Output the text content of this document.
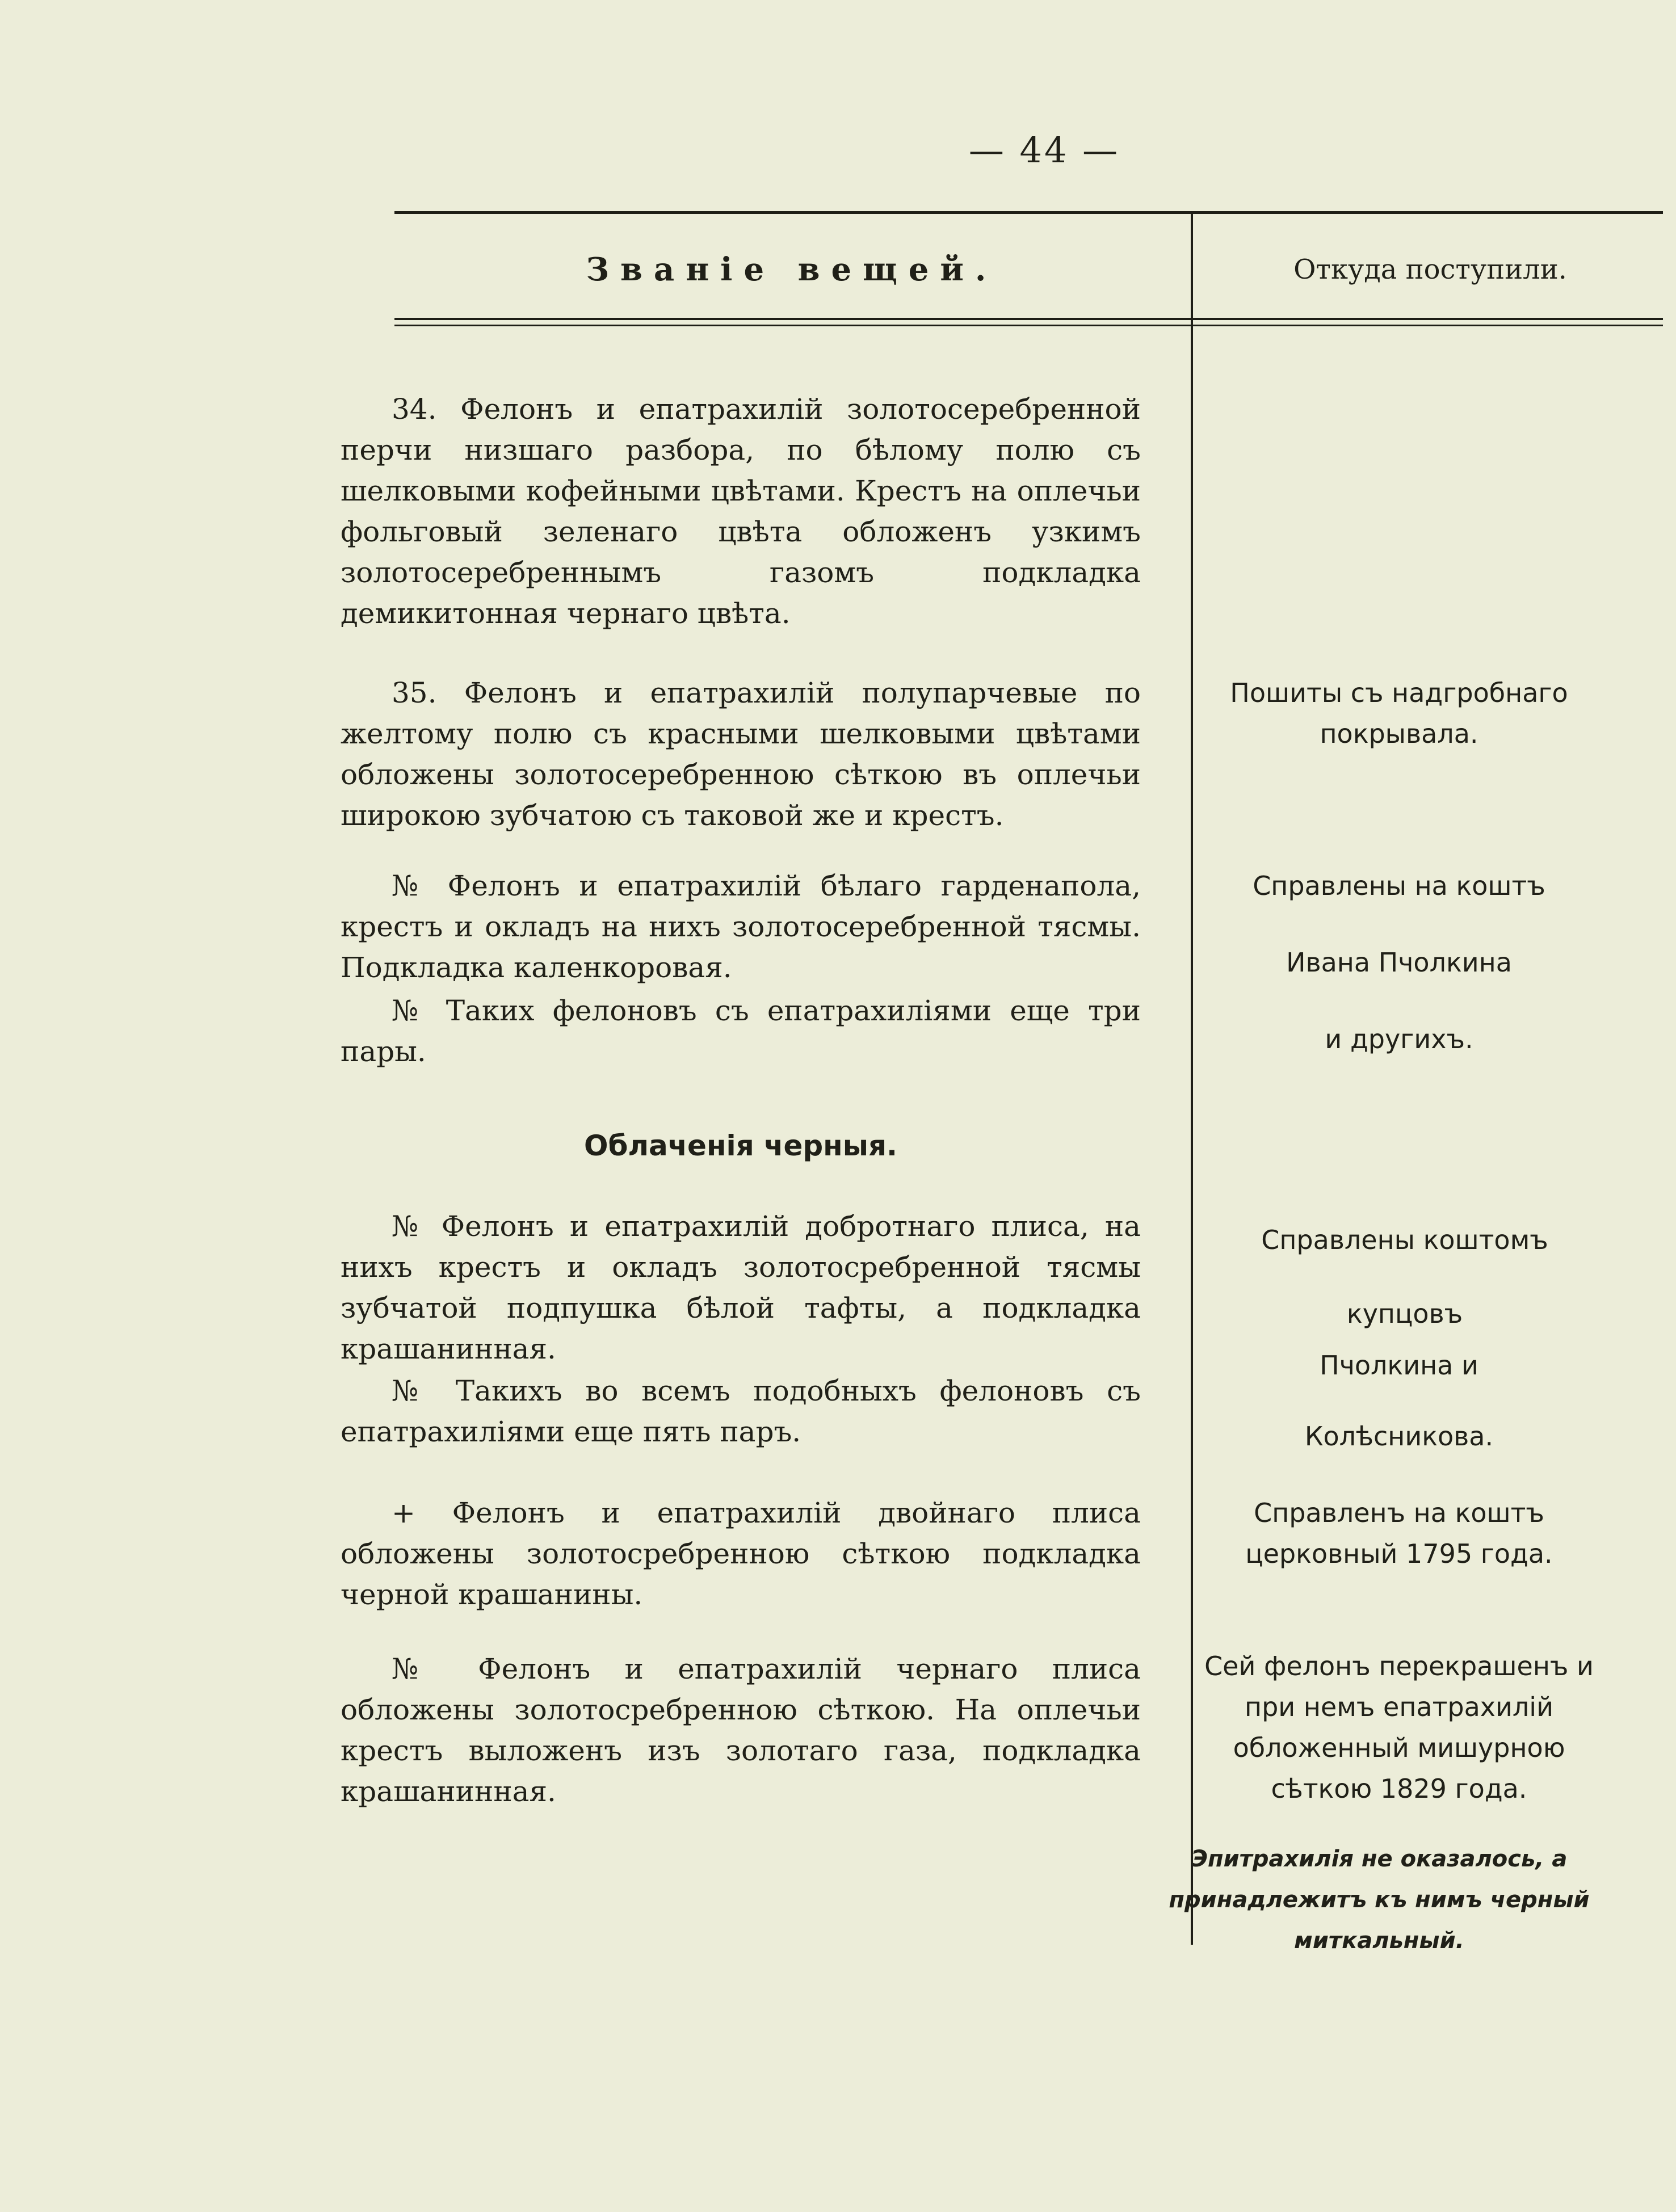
— 44 —
Званіе вещей.	Откуда поступили.

34. Фелонъ и епатрахилій золотосеребренной перчи низшаго разбора, по бѣлому полю съ шелковыми кофейными цвѣтами. Крестъ на оплечьи фольговый зеленаго цвѣта обложенъ узкимъ золотосеребреннымъ газомъ подкладка демикитонная чернаго цвѣта.

35. Фелонъ и епатрахилій полупарчевые по желтому полю съ красными шелковыми цвѣтами обложены золотосеребренною сѣткою въ оплечьи широкою зубчатою съ таковой же и крестъ.

№ Фелонъ и епатрахилій бѣлаго гарденапола, крестъ и окладъ на нихъ золотосеребренной тясмы. Подкладка каленкоровая.

№ Таких фелоновъ съ епатрахиліями еще три пары.

Облаченія черныя.

№ Фелонъ и епатрахилій добротнаго плиса, на нихъ крестъ и окладъ золотосребренной тясмы зубчатой подпушка бѣлой тафты, а подкладка крашанинная.

№ Такихъ во всемъ подобныхъ фелоновъ съ епатрахиліями еще пять паръ.

+ Фелонъ и епатрахилій двойнаго плиса обложены золотосребренною сѣткою подкладка черной крашанины.

№ Фелонъ и епатрахилій чернаго плиса обложены золотосребренною сѣткою. На оплечьи крестъ выложенъ изъ золотаго газа, подкладка крашанинная.

Пошиты съ надгробнаго покрывала.

Справлены на коштъ

Ивана Пчолкина

и другихъ.

Справлены коштомъ купцовъ

Пчолкина и

Колѣсникова.

Справленъ на коштъ церковный 1795 года.

Сей фелонъ перекрашенъ и при немъ епатрахилій обложенный мишурною сѣткою 1829 года.

Эпитрахилія не оказалось, а принадлежитъ къ нимъ черный миткальный.
